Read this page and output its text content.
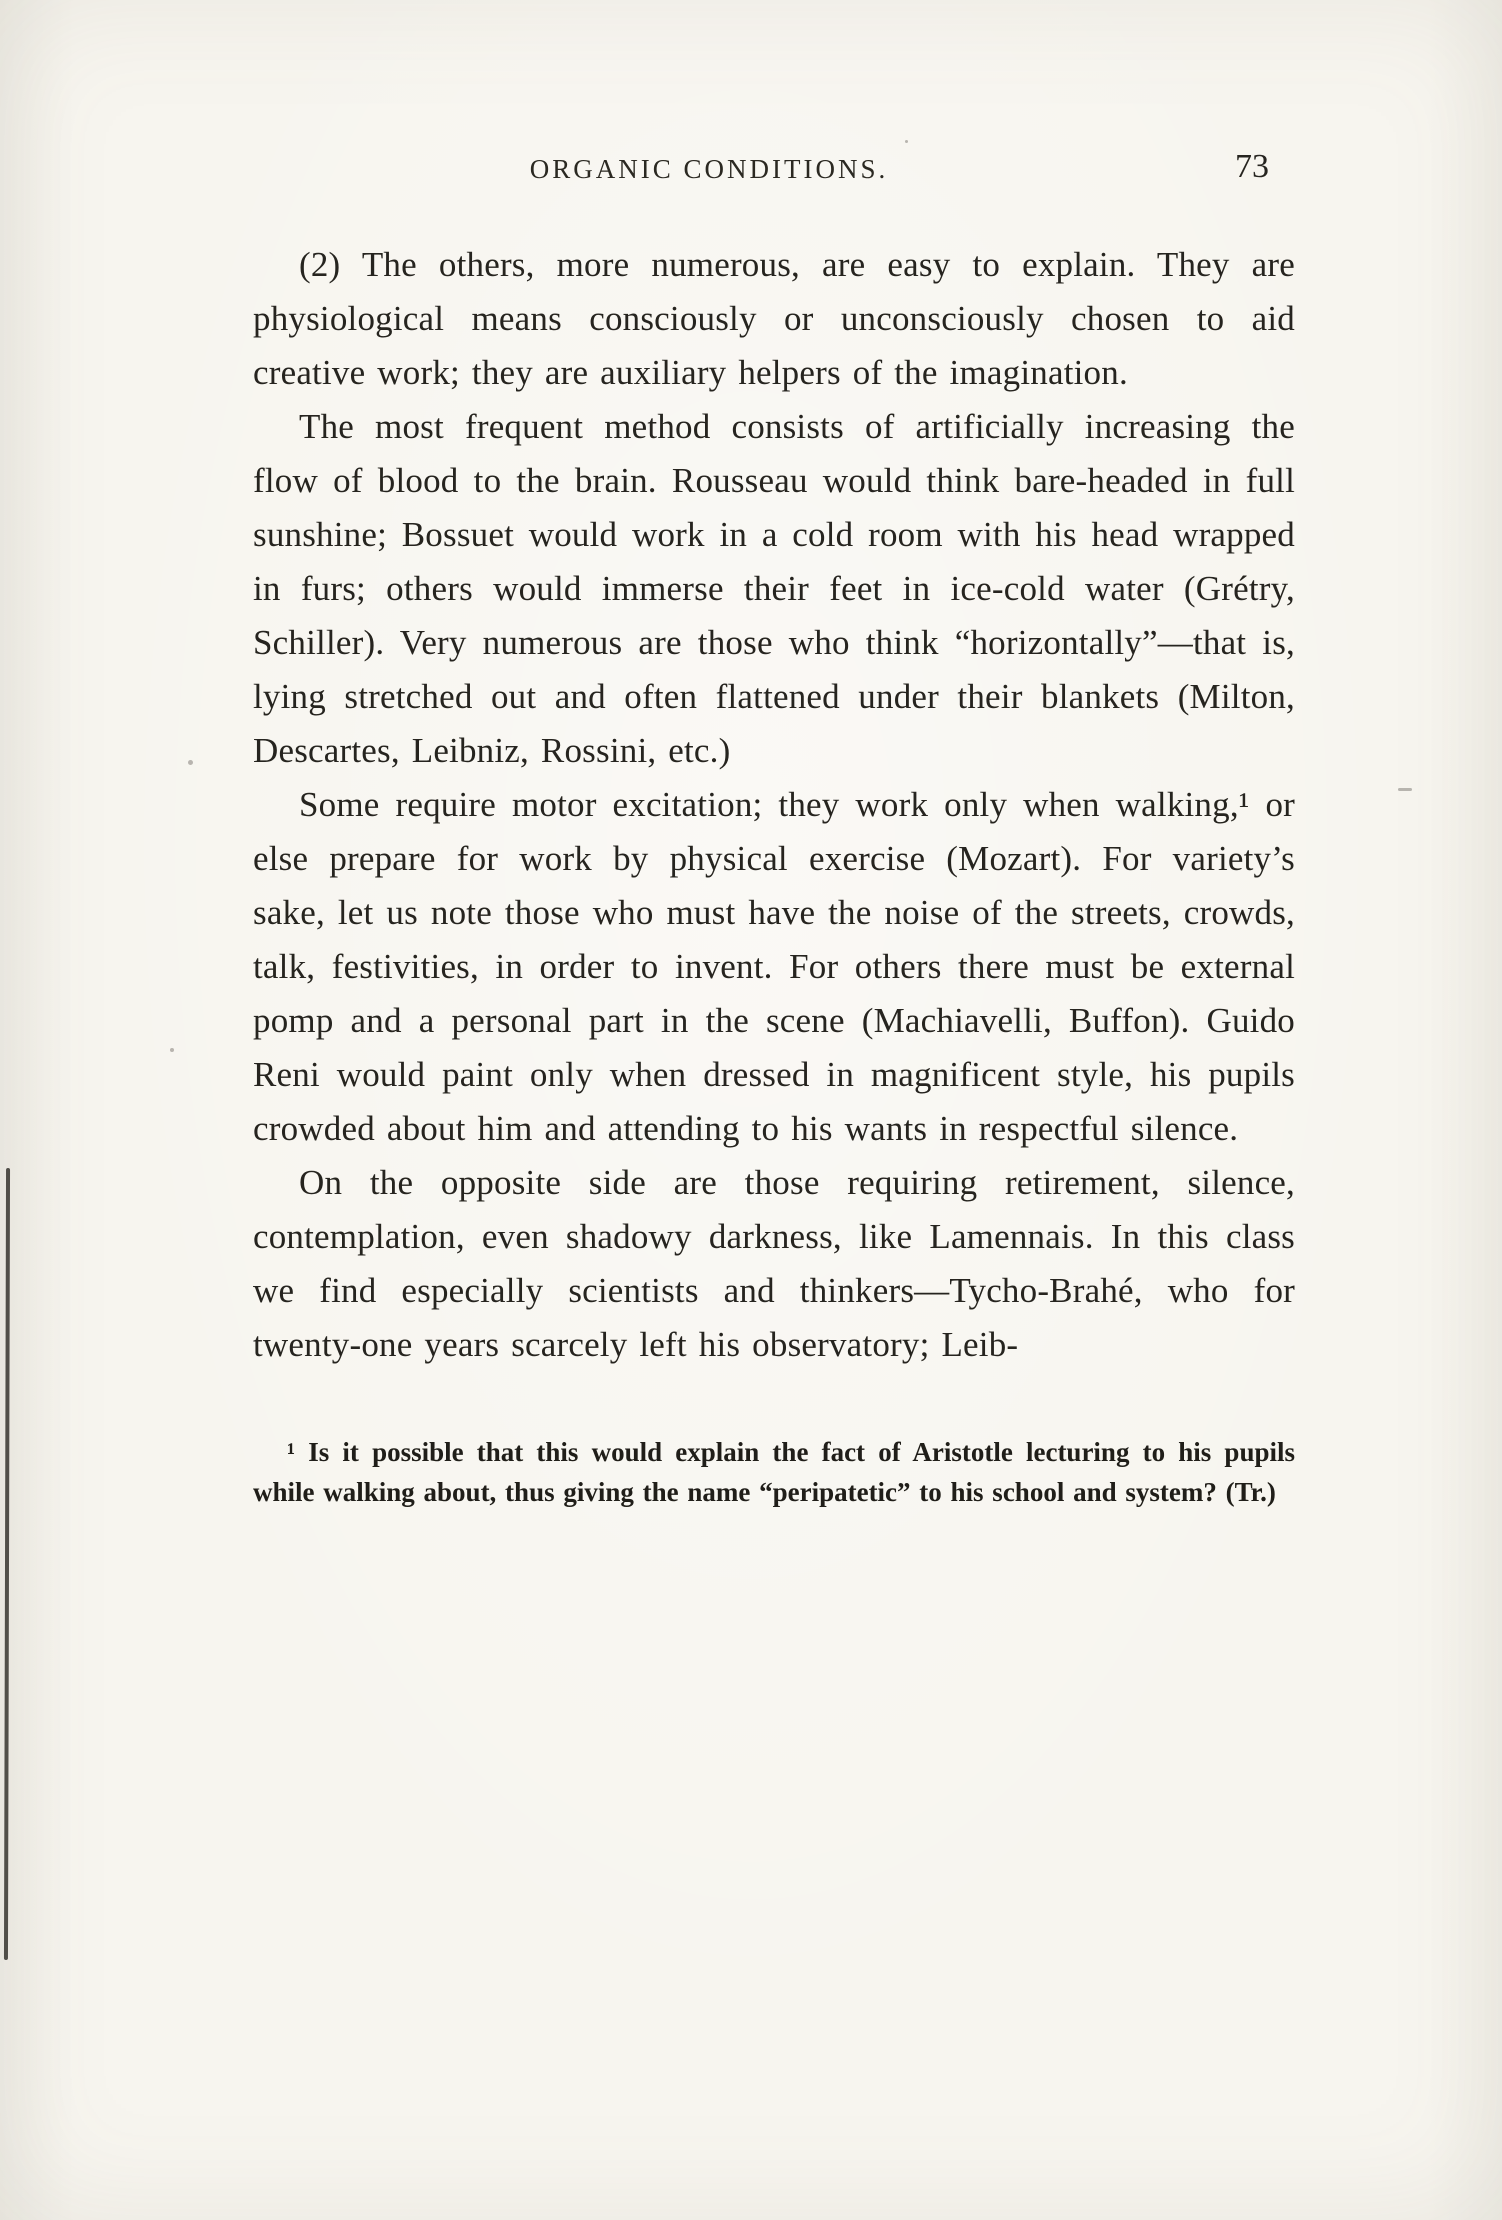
ORGANIC CONDITIONS.	73

(2) The others, more numerous, are easy to explain. They are physiological means consciously or unconsciously chosen to aid creative work; they are auxiliary helpers of the imagination.

The most frequent method consists of artificially increasing the flow of blood to the brain. Rousseau would think bare-headed in full sunshine; Bossuet would work in a cold room with his head wrapped in furs; others would immerse their feet in ice-cold water (Grétry, Schiller). Very numerous are those who think “horizontally”—that is, lying stretched out and often flattened under their blankets (Milton, Descartes, Leibniz, Rossini, etc.)

Some require motor excitation; they work only when walking,¹ or else prepare for work by physical exercise (Mozart). For variety’s sake, let us note those who must have the noise of the streets, crowds, talk, festivities, in order to invent. For others there must be external pomp and a personal part in the scene (Machiavelli, Buffon). Guido Reni would paint only when dressed in magnificent style, his pupils crowded about him and attending to his wants in respectful silence.

On the opposite side are those requiring retirement, silence, contemplation, even shadowy darkness, like Lamennais. In this class we find especially scientists and thinkers—Tycho-Brahé, who for twenty-one years scarcely left his observatory; Leib-

¹ Is it possible that this would explain the fact of Aristotle lecturing to his pupils while walking about, thus giving the name “peripatetic” to his school and system? (Tr.)
